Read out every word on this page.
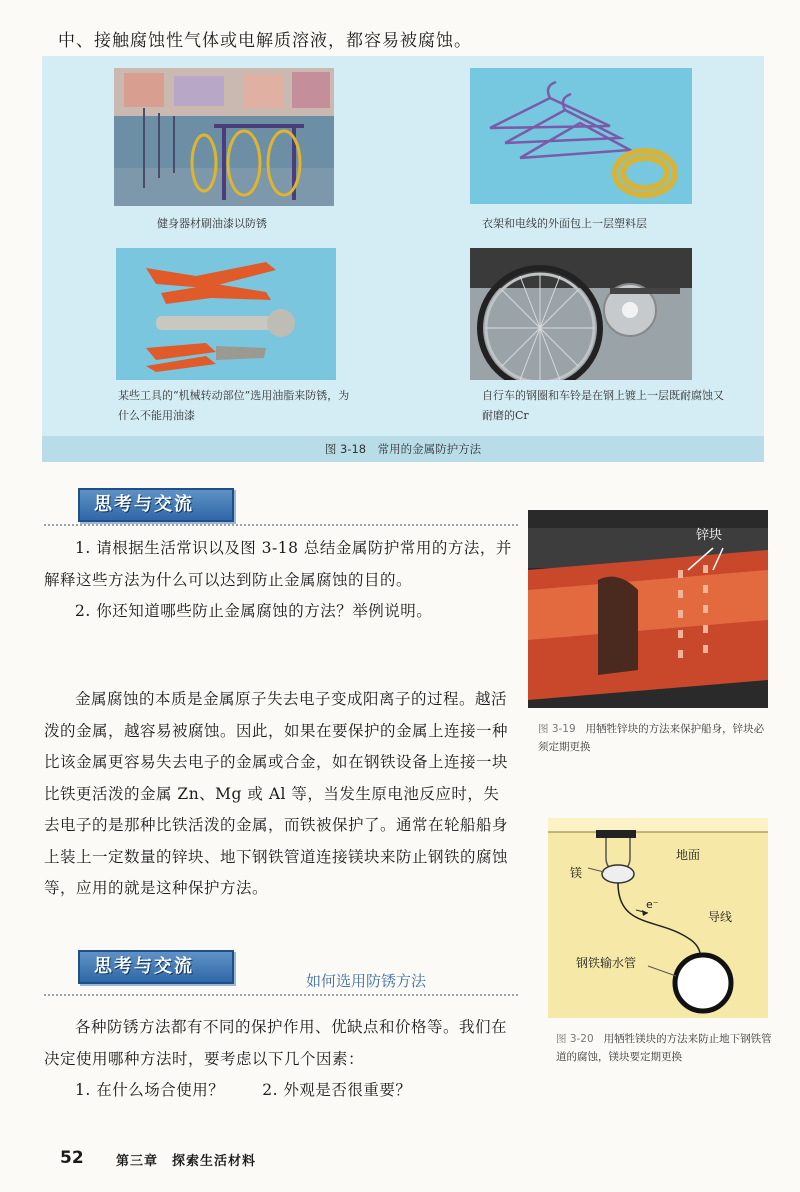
中、接触腐蚀性气体或电解质溶液，都容易被腐蚀。
健身器材刷油漆以防锈	衣架和电线的外面包上一层塑料层
某些工具的“机械转动部位”选用油脂来防锈，为什么不能用油漆
自行车的钢圈和车铃是在钢上镀上一层既耐腐蚀又耐磨的Cr
图 3-18　常用的金属防护方法
思考与交流

1. 请根据生活常识以及图 3-18 总结金属防护常用的方法，并解释这些方法为什么可以达到防止金属腐蚀的目的。

2. 你还知道哪些防止金属腐蚀的方法？举例说明。

金属腐蚀的本质是金属原子失去电子变成阳离子的过程。越活泼的金属，越容易被腐蚀。因此，如果在要保护的金属上连接一种比该金属更容易失去电子的金属或合金，如在钢铁设备上连接一块比铁更活泼的金属 Zn、Mg 或 Al 等，当发生原电池反应时，失去电子的是那种比铁活泼的金属，而铁被保护了。通常在轮船船身上装上一定数量的锌块、地下钢铁管道连接镁块来防止钢铁的腐蚀等，应用的就是这种保护方法。

锌块
图 3-19 用牺牲锌块的方法来保护船身，锌块必须定期更换
地面
镁
e⁻
导线
钢铁输水管
图 3-20 用牺牲镁块的方法来防止地下钢铁管道的腐蚀，镁块要定期更换
思考与交流
如何选用防锈方法

各种防锈方法都有不同的保护作用、优缺点和价格等。我们在决定使用哪种方法时，要考虑以下几个因素：

1. 在什么场合使用？ 2. 外观是否很重要？

52 第三章　探索生活材料
